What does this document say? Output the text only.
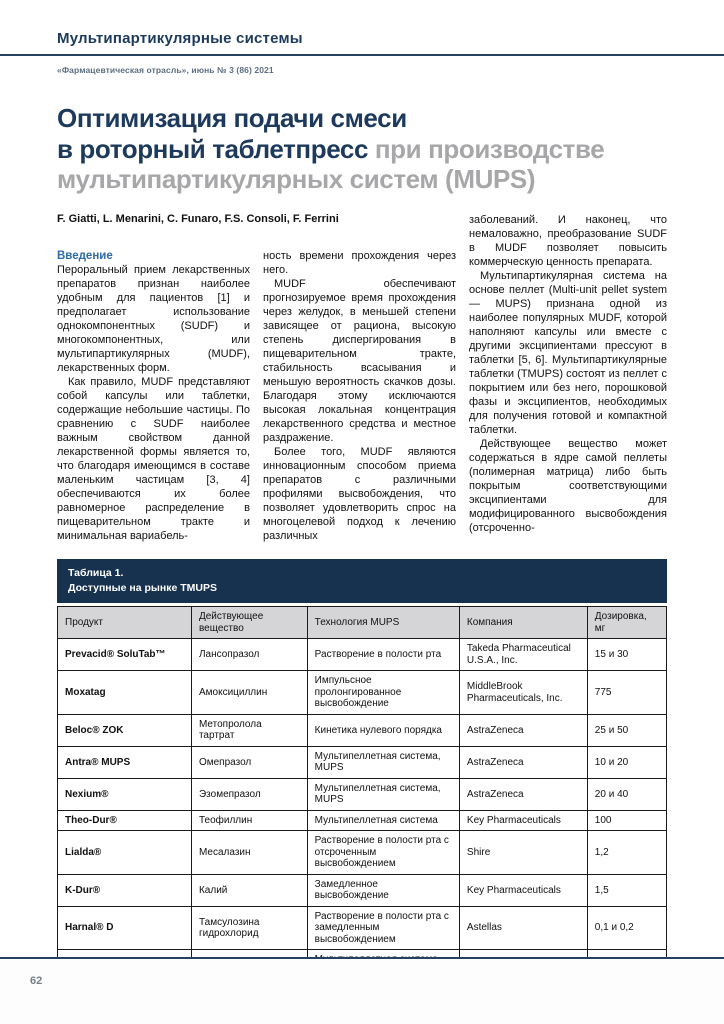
Мультипартикулярные системы
«Фармацевтическая отрасль», июнь № 3 (86) 2021
Оптимизация подачи смеси
в роторный таблетпресс при производстве
мультипартикулярных систем (MUPS)

F. Giatti, L. Menarini, C. Funaro, F.S. Consoli, F. Ferrini

Введение

Пероральный прием лекарственных препаратов признан наиболее удобным для пациентов [1] и предполагает использование однокомпонентных (SUDF) и многокомпонентных, или мультипартикулярных (MUDF), лекарственных форм.

Как правило, MUDF представляют собой капсулы или таблетки, содержащие небольшие частицы. По сравнению с SUDF наиболее важным свойством данной лекарственной формы является то, что благодаря имеющимся в составе маленьким частицам [3, 4] обеспечиваются их более равномерное распределение в пищеварительном тракте и минимальная вариабель-

ность времени прохождения через него.

MUDF обеспечивают прогнозируемое время прохождения через желудок, в меньшей степени зависящее от рациона, высокую степень диспергирования в пищеварительном тракте, стабильность всасывания и меньшую вероятность скачков дозы. Благодаря этому исключаются высокая локальная концентрация лекарственного средства и местное раздражение.

Более того, MUDF являются инновационным способом приема препаратов с различными профилями высвобождения, что позволяет удовлетворить спрос на многоцелевой подход к лечению различных

заболеваний. И наконец, что немаловажно, преобразование SUDF в MUDF позволяет повысить коммерческую ценность препарата.

Мультипартикулярная система на основе пеллет (Multi-unit pellet system — MUPS) признана одной из наиболее популярных MUDF, которой наполняют капсулы или вместе с другими эксципиентами прессуют в таблетки [5, 6]. Мультипартикулярные таблетки (TMUPS) состоят из пеллет с покрытием или без него, порошковой фазы и эксципиентов, необходимых для получения готовой и компактной таблетки.

Действующее вещество может содержаться в ядре самой пеллеты (полимерная матрица) либо быть покрытым соответствующими эксципиентами для модифицированного высвобождения (отсроченно-

Таблица 1.
Доступные на рынке TMUPS
Продукт	Действующее вещество	Технология MUPS	Компания	Дозировка, мг
Prevacid® SoluTab™	Лансопразол	Растворение в полости рта	Takeda Pharmaceutical U.S.A., Inc.	15 и 30
Moxatag	Амоксициллин	Импульсное пролонгированное высвобождение	MiddleBrook Pharmaceuticals, Inc.	775
Beloc® ZOK	Метопролола тартрат	Кинетика нулевого порядка	AstraZeneca	25 и 50
Antra® MUPS	Омепразол	Мультипеллетная система, MUPS	AstraZeneca	10 и 20
Nexium®	Эзомепразол	Мультипеллетная система, MUPS	AstraZeneca	20 и 40
Theo-Dur®	Теофиллин	Мультипеллетная система	Key Pharmaceuticals	100
Lialda®	Месалазин	Растворение в полости рта с отсроченным высвобождением	Shire	1,2
K-Dur®	Калий	Замедленное высвобождение	Key Pharmaceuticals	1,5
Harnal® D	Тамсулозина гидрохлорид	Растворение в полости рта с замедленным высвобождением	Astellas	0,1 и 0,2

62
